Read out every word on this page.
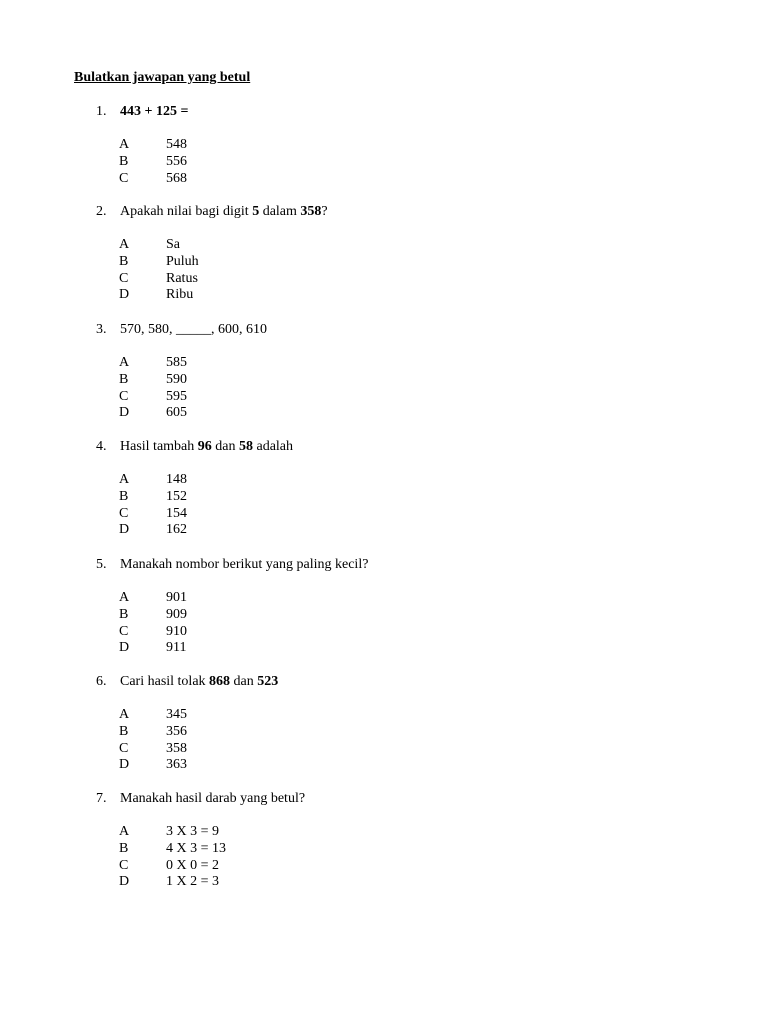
Bulatkan jawapan yang betul
1. 443 + 125 =
A	548
B	556
C	568
2. Apakah nilai bagi digit 5 dalam 358?
A	Sa
B	Puluh
C	Ratus
D	Ribu
3. 570, 580, _____, 600, 610
A	585
B	590
C	595
D	605
4. Hasil tambah 96 dan 58 adalah
A	148
B	152
C	154
D	162
5. Manakah nombor berikut yang paling kecil?
A	901
B	909
C	910
D	911
6. Cari hasil tolak 868 dan 523
A	345
B	356
C	358
D	363
7. Manakah hasil darab yang betul?
A	3 X 3 = 9
B	4 X 3 = 13
C	0 X 0 = 2
D	1 X 2 = 3
